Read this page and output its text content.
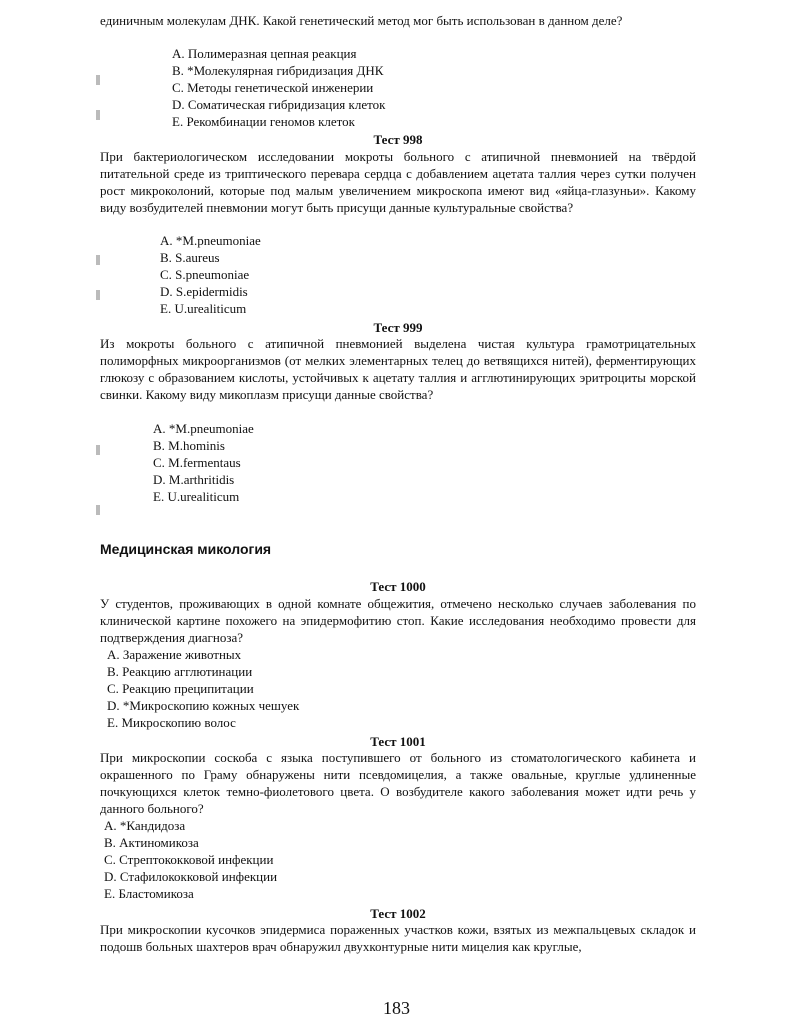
единичным молекулам ДНК. Какой генетический метод мог быть использован в данном деле?

A. Полимеразная цепная реакция
B. *Молекулярная гибридизация ДНК
C. Методы генетической инженерии
D. Соматическая гибридизация клеток
E. Рекомбинации геномов клеток

Тест 998

При бактериологическом исследовании мокроты больного с атипичной пневмонией на твёрдой питательной среде из триптического перевара сердца с добавлением ацетата таллия через сутки получен рост микроколоний, которые под малым увеличением микроскопа имеют вид «яйца-глазуньи». Какому виду возбудителей пневмонии могут быть присущи данные культуральные свойства?

A. *M.pneumoniae
B. S.aureus
C. S.pneumoniae
D. S.epidermidis
E. U.urealiticum

Тест 999

Из мокроты больного с атипичной пневмонией выделена чистая культура грамотрицательных полиморфных микроорганизмов (от мелких элементарных телец до ветвящихся нитей), ферментирующих глюкозу с образованием кислоты, устойчивых к ацетату таллия и агглютинирующих эритроциты морской свинки. Какому виду микоплазм присущи данные свойства?

A. *M.pneumoniae
B. M.hominis
C. M.fermentaus
D. M.arthritidis
E. U.urealiticum

Медицинская микология

Тест 1000

У студентов, проживающих в одной комнате общежития, отмечено несколько случаев заболевания по клинической картине похожего на эпидермофитию стоп. Какие исследования необходимо провести для подтверждения диагноза?

A. Заражение животных
B. Реакцию агглютинации
C. Реакцию преципитации
D. *Микроскопию кожных чешуек
E. Микроскопию волос

Тест 1001

При микроскопии соскоба с языка поступившего от больного из стоматологического кабинета и окрашенного по Граму обнаружены нити псевдомицелия, а также овальные, круглые удлиненные почкующихся клеток темно-фиолетового цвета. О возбудителе какого заболевания может идти речь у данного больного?

A. *Кандидоза
B. Актиномикоза
C. Стрептококковой инфекции
D. Стафилококковой инфекции
E. Бластомикоза

Тест 1002

При микроскопии кусочков эпидермиса пораженных участков кожи, взятых из межпальцевых складок и подошв больных шахтеров врач обнаружил двухконтурные нити мицелия как круглые,

183
